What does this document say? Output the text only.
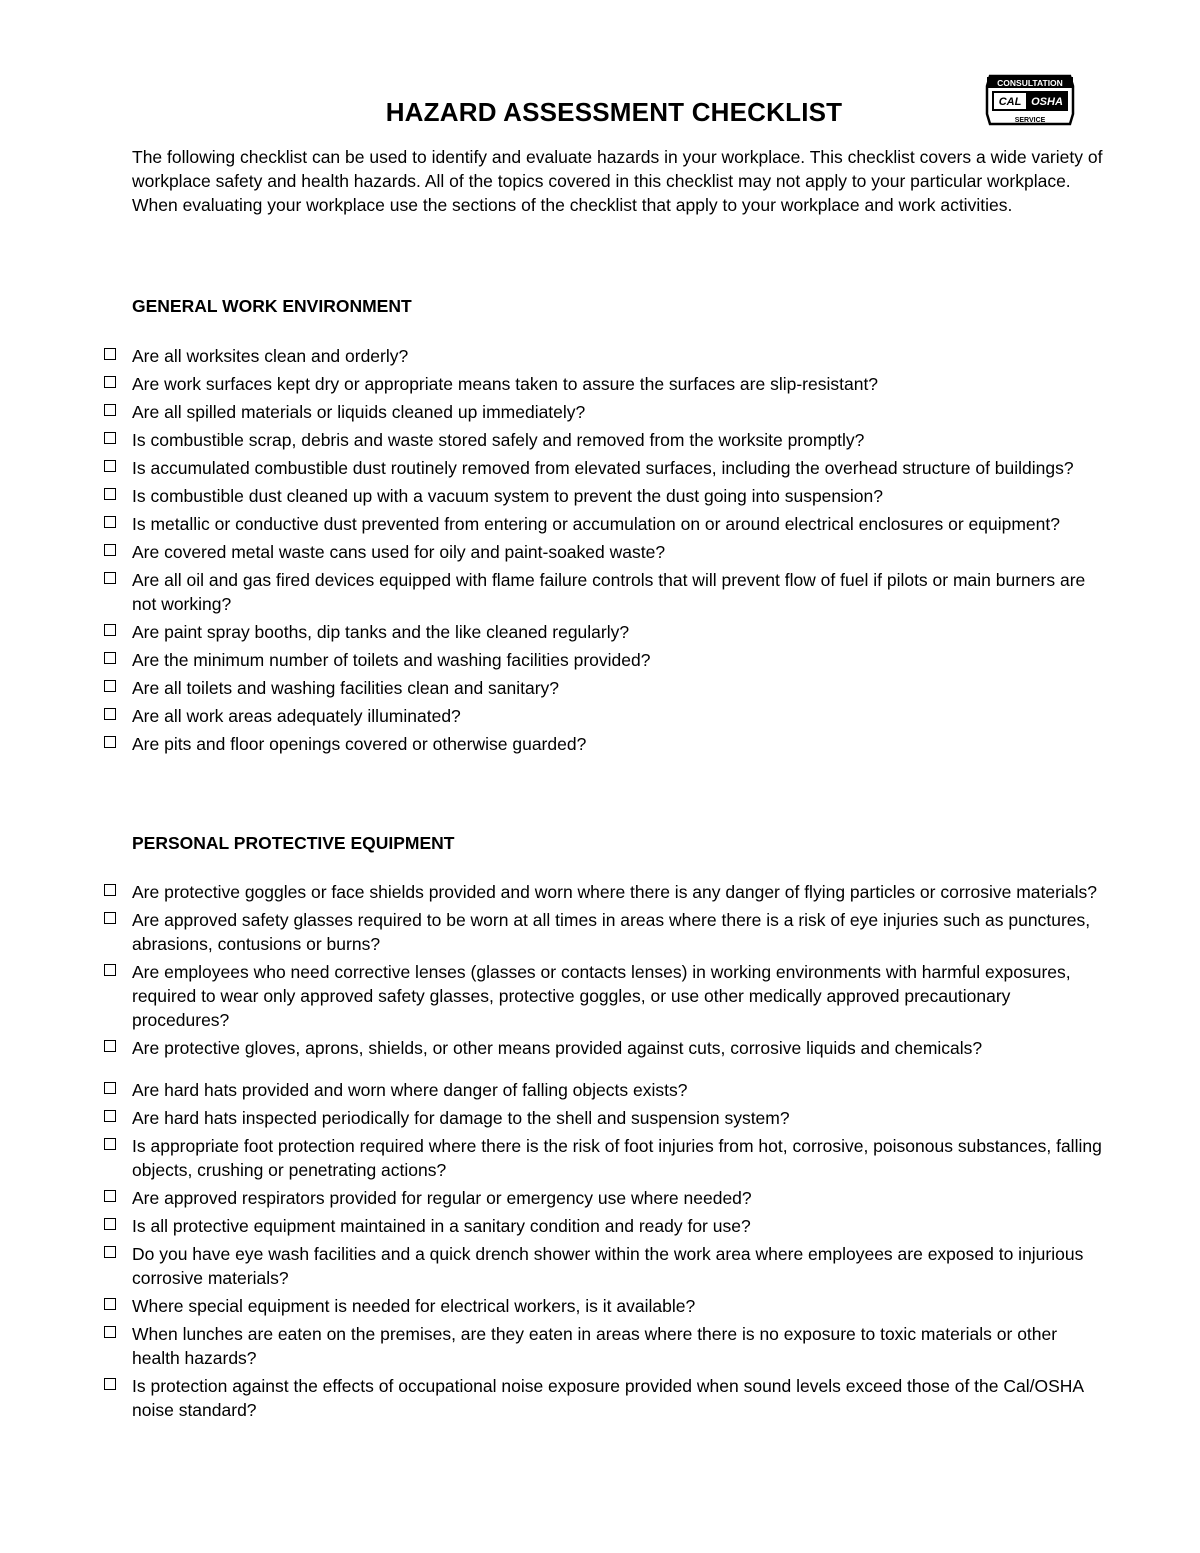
HAZARD ASSESSMENT CHECKLIST
CONSULTATION
CAL OSHA
SERVICE

The following checklist can be used to identify and evaluate hazards in your workplace. This checklist covers a wide variety of workplace safety and health hazards. All of the topics covered in this checklist may not apply to your particular workplace. When evaluating your workplace use the sections of the checklist that apply to your workplace and work activities.

GENERAL WORK ENVIRONMENT
Are all worksites clean and orderly?
Are work surfaces kept dry or appropriate means taken to assure the surfaces are slip-resistant?
Are all spilled materials or liquids cleaned up immediately?
Is combustible scrap, debris and waste stored safely and removed from the worksite promptly?
Is accumulated combustible dust routinely removed from elevated surfaces, including the overhead structure of buildings?
Is combustible dust cleaned up with a vacuum system to prevent the dust going into suspension?
Is metallic or conductive dust prevented from entering or accumulation on or around electrical enclosures or equipment?
Are covered metal waste cans used for oily and paint-soaked waste?
Are all oil and gas fired devices equipped with flame failure controls that will prevent flow of fuel if pilots or main burners are not working?
Are paint spray booths, dip tanks and the like cleaned regularly?
Are the minimum number of toilets and washing facilities provided?
Are all toilets and washing facilities clean and sanitary?
Are all work areas adequately illuminated?
Are pits and floor openings covered or otherwise guarded?
PERSONAL PROTECTIVE EQUIPMENT
Are protective goggles or face shields provided and worn where there is any danger of flying particles or corrosive materials?
Are approved safety glasses required to be worn at all times in areas where there is a risk of eye injuries such as punctures, abrasions, contusions or burns?
Are employees who need corrective lenses (glasses or contacts lenses) in working environments with harmful exposures, required to wear only approved safety glasses, protective goggles, or use other medically approved precautionary procedures?
Are protective gloves, aprons, shields, or other means provided against cuts, corrosive liquids and chemicals?
Are hard hats provided and worn where danger of falling objects exists?
Are hard hats inspected periodically for damage to the shell and suspension system?
Is appropriate foot protection required where there is the risk of foot injuries from hot, corrosive, poisonous substances, falling objects, crushing or penetrating actions?
Are approved respirators provided for regular or emergency use where needed?
Is all protective equipment maintained in a sanitary condition and ready for use?
Do you have eye wash facilities and a quick drench shower within the work area where employees are exposed to injurious corrosive materials?
Where special equipment is needed for electrical workers, is it available?
When lunches are eaten on the premises, are they eaten in areas where there is no exposure to toxic materials or other health hazards?
Is protection against the effects of occupational noise exposure provided when sound levels exceed those of the Cal/OSHA noise standard?
